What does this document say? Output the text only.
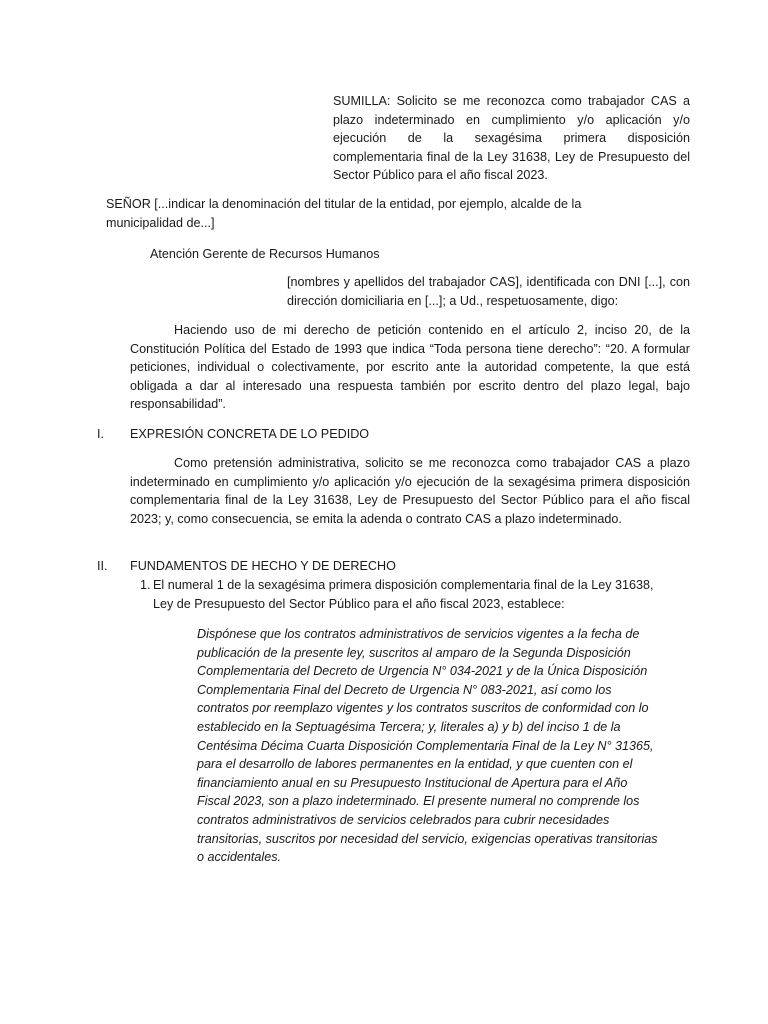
SUMILLA: Solicito se me reconozca como trabajador CAS a plazo indeterminado en cumplimiento y/o aplicación y/o ejecución de la sexagésima primera disposición complementaria final de la Ley 31638, Ley de Presupuesto del Sector Público para el año fiscal 2023.
SEÑOR [...indicar la denominación del titular de la entidad, por ejemplo, alcalde de la municipalidad de...]
Atención Gerente de Recursos Humanos
[nombres y apellidos del trabajador CAS], identificada con DNI [...], con dirección domiciliaria en [...]; a Ud., respetuosamente, digo:
Haciendo uso de mi derecho de petición contenido en el artículo 2, inciso 20, de la Constitución Política del Estado de 1993 que indica “Toda persona tiene derecho”: “20. A formular peticiones, individual o colectivamente, por escrito ante la autoridad competente, la que está obligada a dar al interesado una respuesta también por escrito dentro del plazo legal, bajo responsabilidad”.
I. EXPRESIÓN CONCRETA DE LO PEDIDO
Como pretensión administrativa, solicito se me reconozca como trabajador CAS a plazo indeterminado en cumplimiento y/o aplicación y/o ejecución de la sexagésima primera disposición complementaria final de la Ley 31638, Ley de Presupuesto del Sector Público para el año fiscal 2023; y, como consecuencia, se emita la adenda o contrato CAS a plazo indeterminado.
II. FUNDAMENTOS DE HECHO Y DE DERECHO
1. El numeral 1 de la sexagésima primera disposición complementaria final de la Ley 31638, Ley de Presupuesto del Sector Público para el año fiscal 2023, establece:
Dispónese que los contratos administrativos de servicios vigentes a la fecha de
publicación de la presente ley, suscritos al amparo de la Segunda Disposición
Complementaria del Decreto de Urgencia N° 034-2021 y de la Única Disposición
Complementaria Final del Decreto de Urgencia N° 083-2021, así como los
contratos por reemplazo vigentes y los contratos suscritos de conformidad con lo
establecido en la Septuagésima Tercera; y, literales a) y b) del inciso 1 de la
Centésima Décima Cuarta Disposición Complementaria Final de la Ley N° 31365,
para el desarrollo de labores permanentes en la entidad, y que cuenten con el
financiamiento anual en su Presupuesto Institucional de Apertura para el Año
Fiscal 2023, son a plazo indeterminado. El presente numeral no comprende los
contratos administrativos de servicios celebrados para cubrir necesidades
transitorias, suscritos por necesidad del servicio, exigencias operativas transitorias
o accidentales.
